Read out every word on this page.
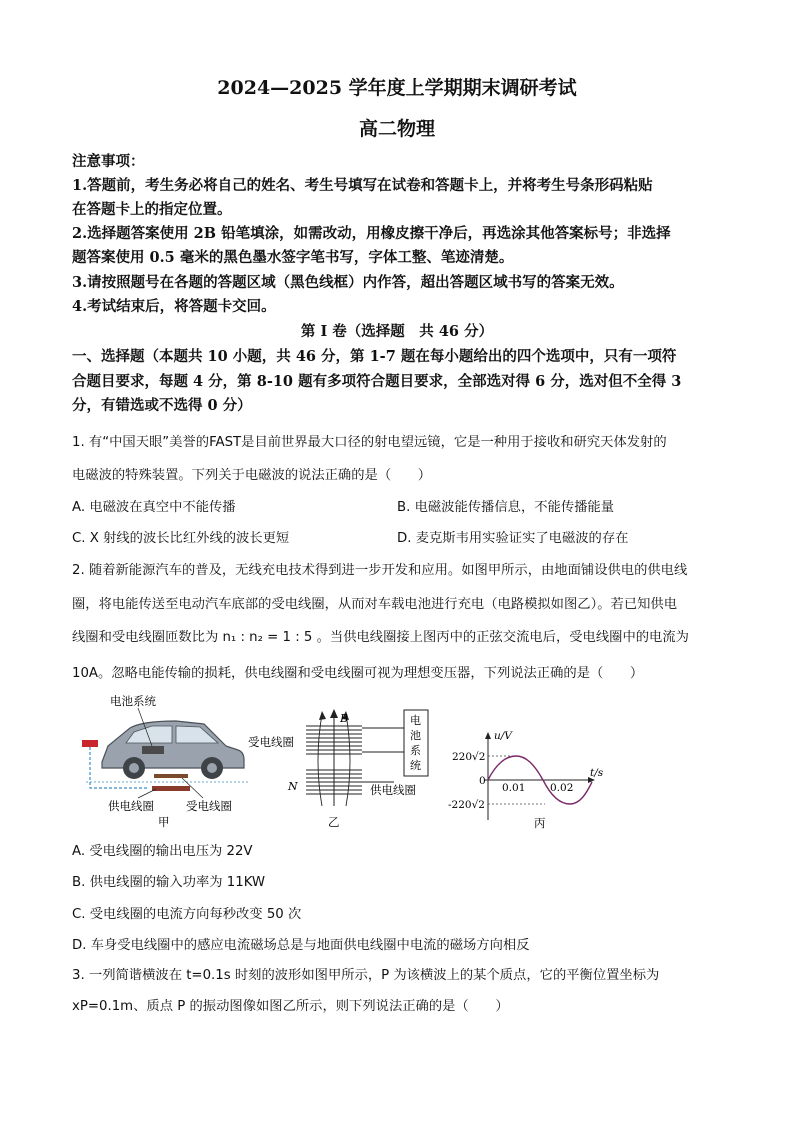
2024—2025 学年度上学期期末调研考试
高二物理
注意事项：
1.答题前，考生务必将自己的姓名、考生号填写在试卷和答题卡上，并将考生号条形码粘贴
在答题卡上的指定位置。
2.选择题答案使用 2B 铅笔填涂，如需改动，用橡皮擦干净后，再选涂其他答案标号；非选择
题答案使用 0.5 毫米的黑色墨水签字笔书写，字体工整、笔迹清楚。
3.请按照题号在各题的答题区域（黑色线框）内作答，超出答题区域书写的答案无效。
4.考试结束后，将答题卡交回。
第 I 卷（选择题　共 46 分）
一、选择题（本题共 10 小题，共 46 分，第 1-7 题在每小题给出的四个选项中，只有一项符
合题目要求，每题 4 分，第 8-10 题有多项符合题目要求，全部选对得 6 分，选对但不全得 3
分，有错选或不选得 0 分）
1. 有“中国天眼”美誉的FAST是目前世界最大口径的射电望远镜，它是一种用于接收和研究天体发射的
电磁波的特殊装置。下列关于电磁波的说法正确的是（　　）
A. 电磁波在真空中不能传播	B. 电磁波能传播信息，不能传播能量
C. X 射线的波长比红外线的波长更短	D. 麦克斯韦用实验证实了电磁波的存在
2. 随着新能源汽车的普及，无线充电技术得到进一步开发和应用。如图甲所示，由地面铺设供电的供电线
圈，将电能传送至电动汽车底部的受电线圈，从而对车载电池进行充电（电路模拟如图乙）。若已知供电
线圈和受电线圈匝数比为 n₁ : n₂ = 1 : 5 。当供电线圈接上图丙中的正弦交流电后，受电线圈中的电流为
10A。忽略电能传输的损耗，供电线圈和受电线圈可视为理想变压器，下列说法正确的是（　　）
电池系统
供电线圈	受电线圈
甲
B	电池系统
受电线圈
N	供电线圈
乙
u/V
t/s
220√2
-220√2
0
0.01 0.02
丙
A. 受电线圈的输出电压为 22V
B. 供电线圈的输入功率为 11KW
C. 受电线圈的电流方向每秒改变 50 次
D. 车身受电线圈中的感应电流磁场总是与地面供电线圈中电流的磁场方向相反
3. 一列简谐横波在 t=0.1s 时刻的波形如图甲所示，P 为该横波上的某个质点，它的平衡位置坐标为
xP=0.1m、质点 P 的振动图像如图乙所示，则下列说法正确的是（　　）
